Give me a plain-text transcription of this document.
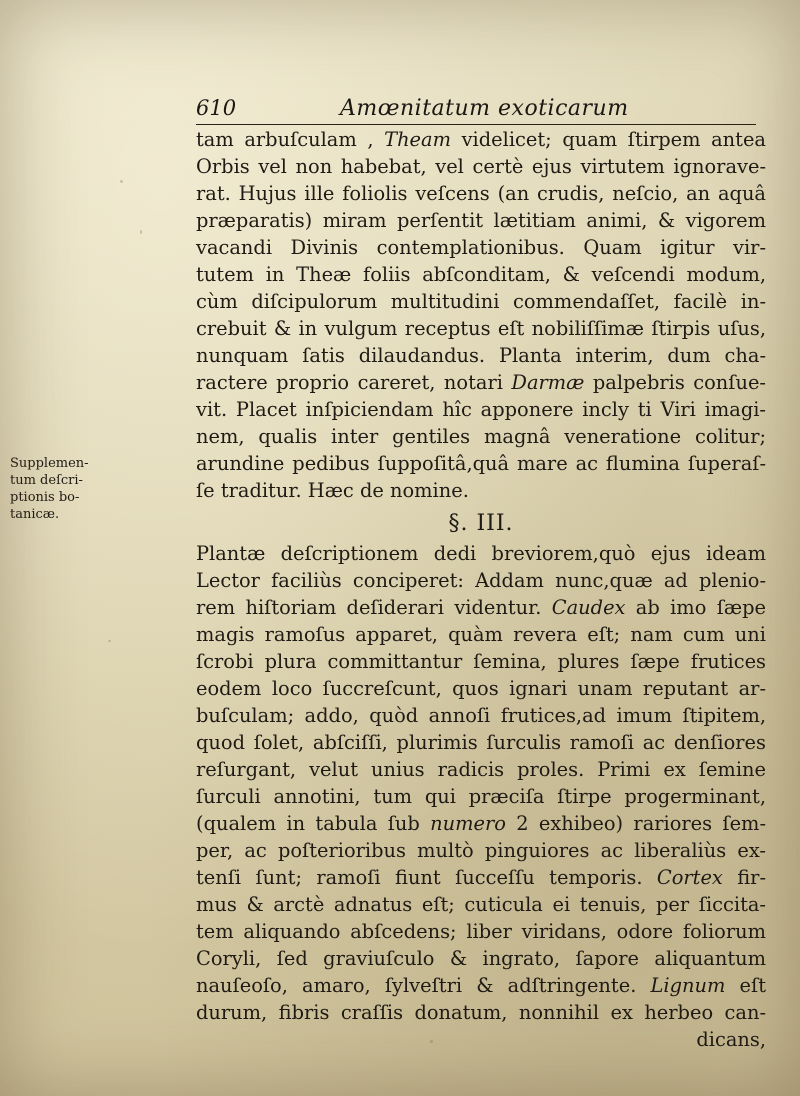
610	Amœnitatum exoticarum
Supplemen-
tum deſcri-
ptionis bo-
tanicæ.
tam arbuſculam , Theam videlicet; quam ſtirpem antea
Orbis vel non habebat, vel certè ejus virtutem ignorave-
rat. Hujus ille foliolis veſcens (an crudis, neſcio, an aquâ
præparatis) miram perſentit lætitiam animi, & vigorem
vacandi Divinis contemplationibus. Quam igitur vir-
tutem in Theæ foliis abſconditam, & veſcendi modum,
cùm diſcipulorum multitudini commendaſſet, facilè in-
crebuit & in vulgum receptus eſt nobiliſſimæ ſtirpis uſus,
nunquam ſatis dilaudandus. Planta interim, dum cha-
racterе proprio careret, notari Darmæ palpebris conſue-
vit. Placet inſpiciendam hîc apponere incly ti Viri imagi-
nem, qualis inter gentiles magnâ veneratione colitur;
arundine pedibus ſuppoſitâ,quâ mare ac flumina ſuperaſ-
ſe traditur. Hæc de nomine.
§. III.
Plantæ deſcriptionem dedi breviorem,quò ejus ideam
Lector faciliùs conciperet: Addam nunc,quæ ad plenio-
rem hiſtoriam deſiderari videntur. Caudex ab imo ſæpe
magis ramoſus apparet, quàm revera eſt; nam cum uni
ſcrobi plura committantur ſemina, plures ſæpe frutices
eodem loco ſuccreſcunt, quos ignari unam reputant ar-
buſculam; addo, quòd annoſi frutices,ad imum ſtipitem,
quod ſolet, abſciſſi, plurimis ſurculis ramoſi ac denſiores
reſurgant, velut unius radicis proles. Primi ex ſemine
ſurculi annotini, tum qui præciſa ſtirpe progerminant,
(qualem in tabula ſub numero 2 exhibeo) rariores ſem-
per, ac poſterioribus multò pinguiores ac liberaliùs ex-
tenſi ſunt; ramoſi fiunt ſucceſſu temporis. Cortex fir-
mus & arctè adnatus eſt; cuticula ei tenuis, per ſiccita-
tem aliquando abſcedens; liber viridans, odore foliorum
Coryli, ſed graviuſculo & ingrato, ſapore aliquantum
nauſeoſo, amaro, ſylveſtri & adſtringente. Lignum eſt
durum, fibris craſſis donatum, nonnihil ex herbeo can-
dicans,
